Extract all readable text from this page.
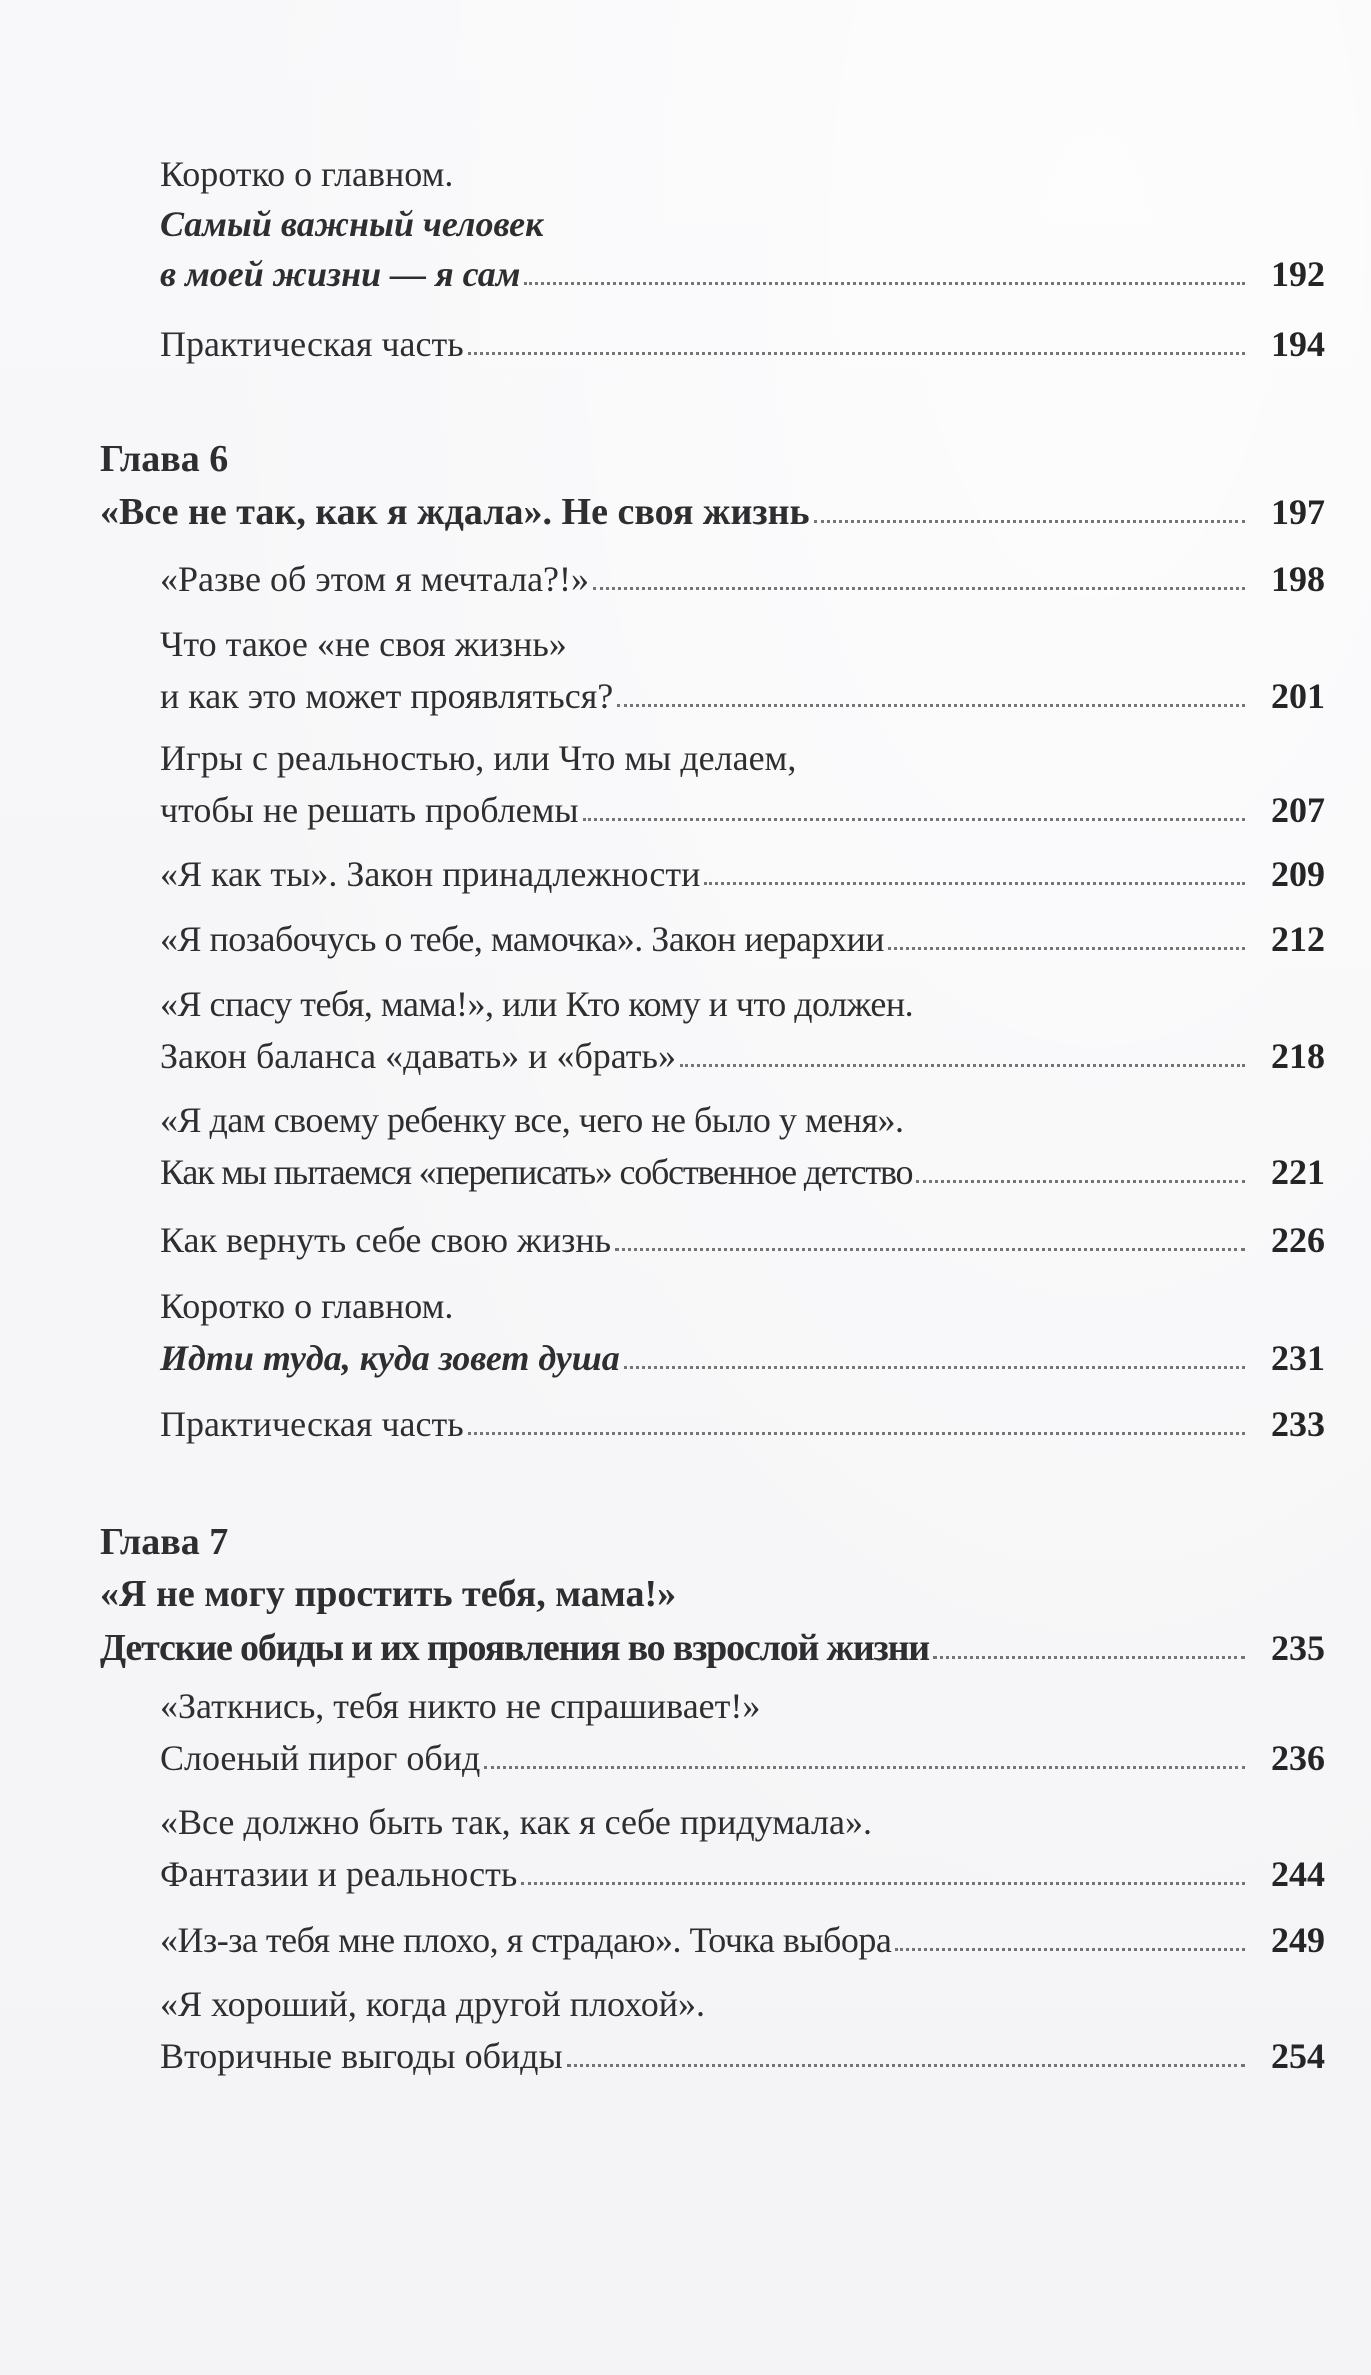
Коротко о главном.
Самый важный человек
в моей жизни — я сам	192
Практическая часть	194
Глава 6
«Все не так, как я ждала». Не своя жизнь	197
«Разве об этом я мечтала?!»	198
Что такое «не своя жизнь»
и как это может проявляться?	201
Игры с реальностью, или Что мы делаем,
чтобы не решать проблемы	207
«Я как ты». Закон принадлежности	209
«Я позабочусь о тебе, мамочка». Закон иерархии	212
«Я спасу тебя, мама!», или Кто кому и что должен.
Закон баланса «давать» и «брать»	218
«Я дам своему ребенку все, чего не было у меня».
Как мы пытаемся «переписать» собственное детство	221
Как вернуть себе свою жизнь	226
Коротко о главном.
Идти туда, куда зовет душа	231
Практическая часть	233
Глава 7
«Я не могу простить тебя, мама!»
Детские обиды и их проявления во взрослой жизни	235
«Заткнись, тебя никто не спрашивает!»
Слоеный пирог обид	236
«Все должно быть так, как я себе придумала».
Фантазии и реальность	244
«Из-за тебя мне плохо, я страдаю». Точка выбора	249
«Я хороший, когда другой плохой».
Вторичные выгоды обиды	254
